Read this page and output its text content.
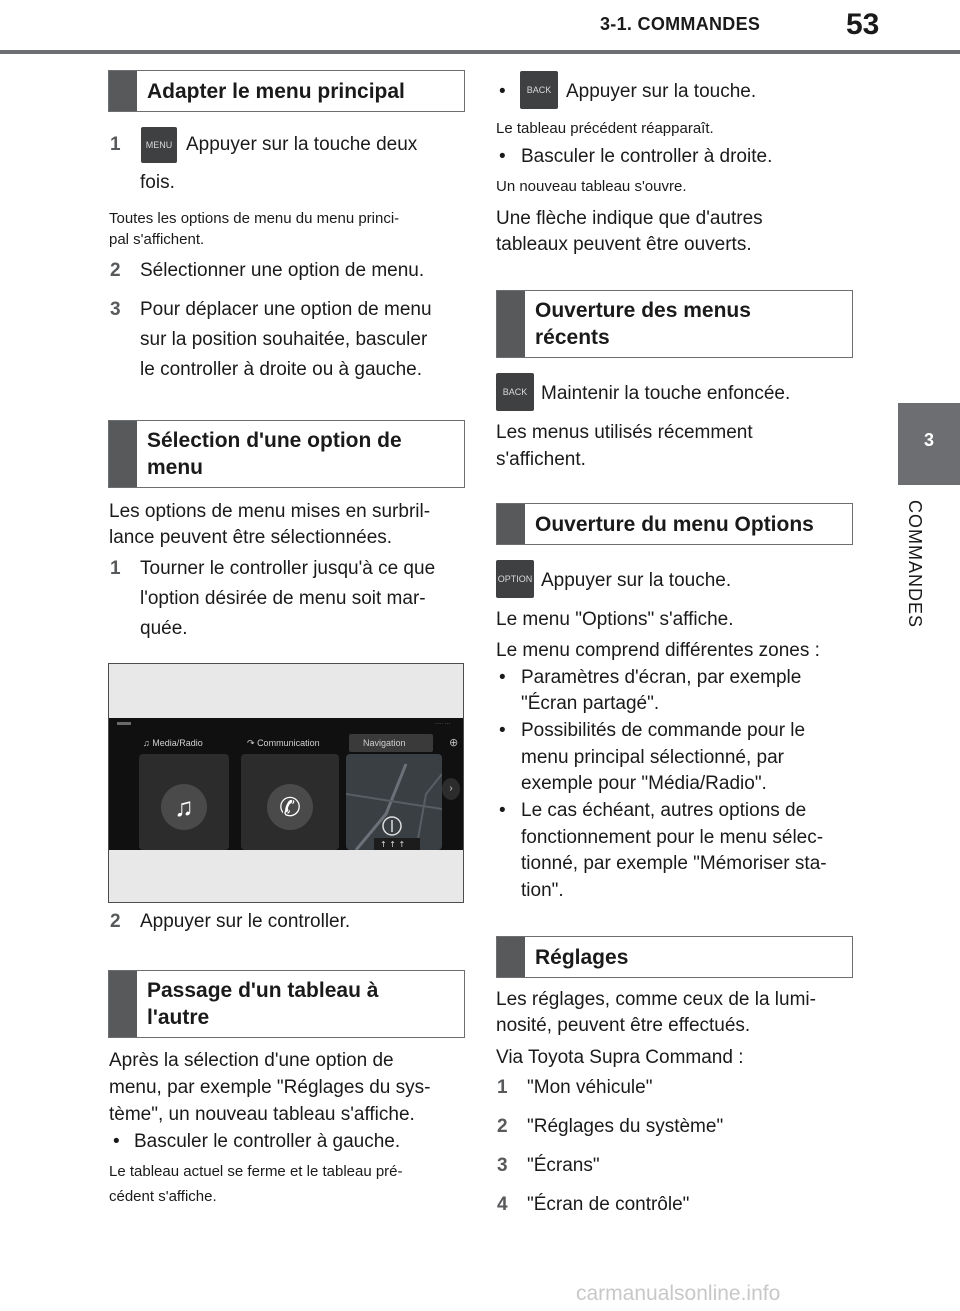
3-1. COMMANDES	53
3
COMMANDES
Adapter le menu principal
1	MENU Appuyer sur la touche deux
fois.
Toutes les options de menu du menu princi-
pal s'affichent.
2 Sélectionner une option de menu.
3 Pour déplacer une option de menu
sur la position souhaitée, basculer
le controller à droite ou à gauche.
Sélection d'une option de
menu
Les options de menu mises en surbril-
lance peuvent être sélectionnées.
1 Tourner le controller jusqu'à ce que
l'option désirée de menu soit mar-
quée.
···· ···
♫ Media/Radio	↷ Communication	Navigation	⊕
♫	✆
↑ ↑ ↑
›
2 Appuyer sur le controller.
Passage d'un tableau à
l'autre
Après la sélection d'une option de
menu, par exemple "Réglages du sys-
tème", un nouveau tableau s'affiche.
• Basculer le controller à gauche.
Le tableau actuel se ferme et le tableau pré-
cédent s'affiche.
•	BACK Appuyer sur la touche.
Le tableau précédent réapparaît.
• Basculer le controller à droite.
Un nouveau tableau s'ouvre.
Une flèche indique que d'autres
tableaux peuvent être ouverts.
Ouverture des menus
récents
BACK Maintenir la touche enfoncée.
Les menus utilisés récemment
s'affichent.
Ouverture du menu Options
OPTION Appuyer sur la touche.
Le menu "Options" s'affiche.
Le menu comprend différentes zones :
• Paramètres d'écran, par exemple
"Écran partagé".
• Possibilités de commande pour le
menu principal sélectionné, par
exemple pour "Média/Radio".
• Le cas échéant, autres options de
fonctionnement pour le menu sélec-
tionné, par exemple "Mémoriser sta-
tion".
Réglages
Les réglages, comme ceux de la lumi-
nosité, peuvent être effectués.
Via Toyota Supra Command :
1 "Mon véhicule"
2 "Réglages du système"
3 "Écrans"
4 "Écran de contrôle"
carmanualsonline.info
